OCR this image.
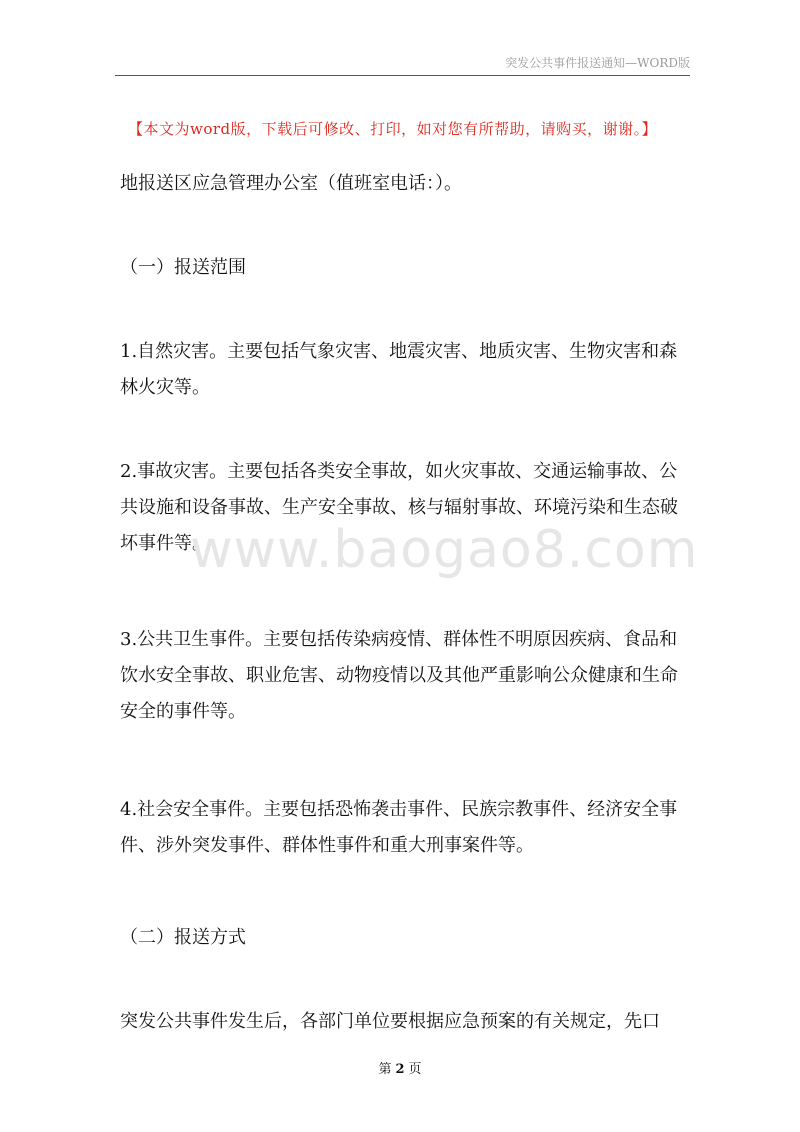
突发公共事件报送通知—WORD版
【本文为word版，下载后可修改、打印，如对您有所帮助，请购买，谢谢。】

地报送区应急管理办公室（值班室电话：）。

（一）报送范围

1.自然灾害。主要包括气象灾害、地震灾害、地质灾害、生物灾害和森林火灾等。

2.事故灾害。主要包括各类安全事故，如火灾事故、交通运输事故、公共设施和设备事故、生产安全事故、核与辐射事故、环境污染和生态破坏事件等。

3.公共卫生事件。主要包括传染病疫情、群体性不明原因疾病、食品和饮水安全事故、职业危害、动物疫情以及其他严重影响公众健康和生命安全的事件等。

4.社会安全事件。主要包括恐怖袭击事件、民族宗教事件、经济安全事件、涉外突发事件、群体性事件和重大刑事案件等。

（二）报送方式

突发公共事件发生后，各部门单位要根据应急预案的有关规定，先口

www.baogao8.com
第 2 页
